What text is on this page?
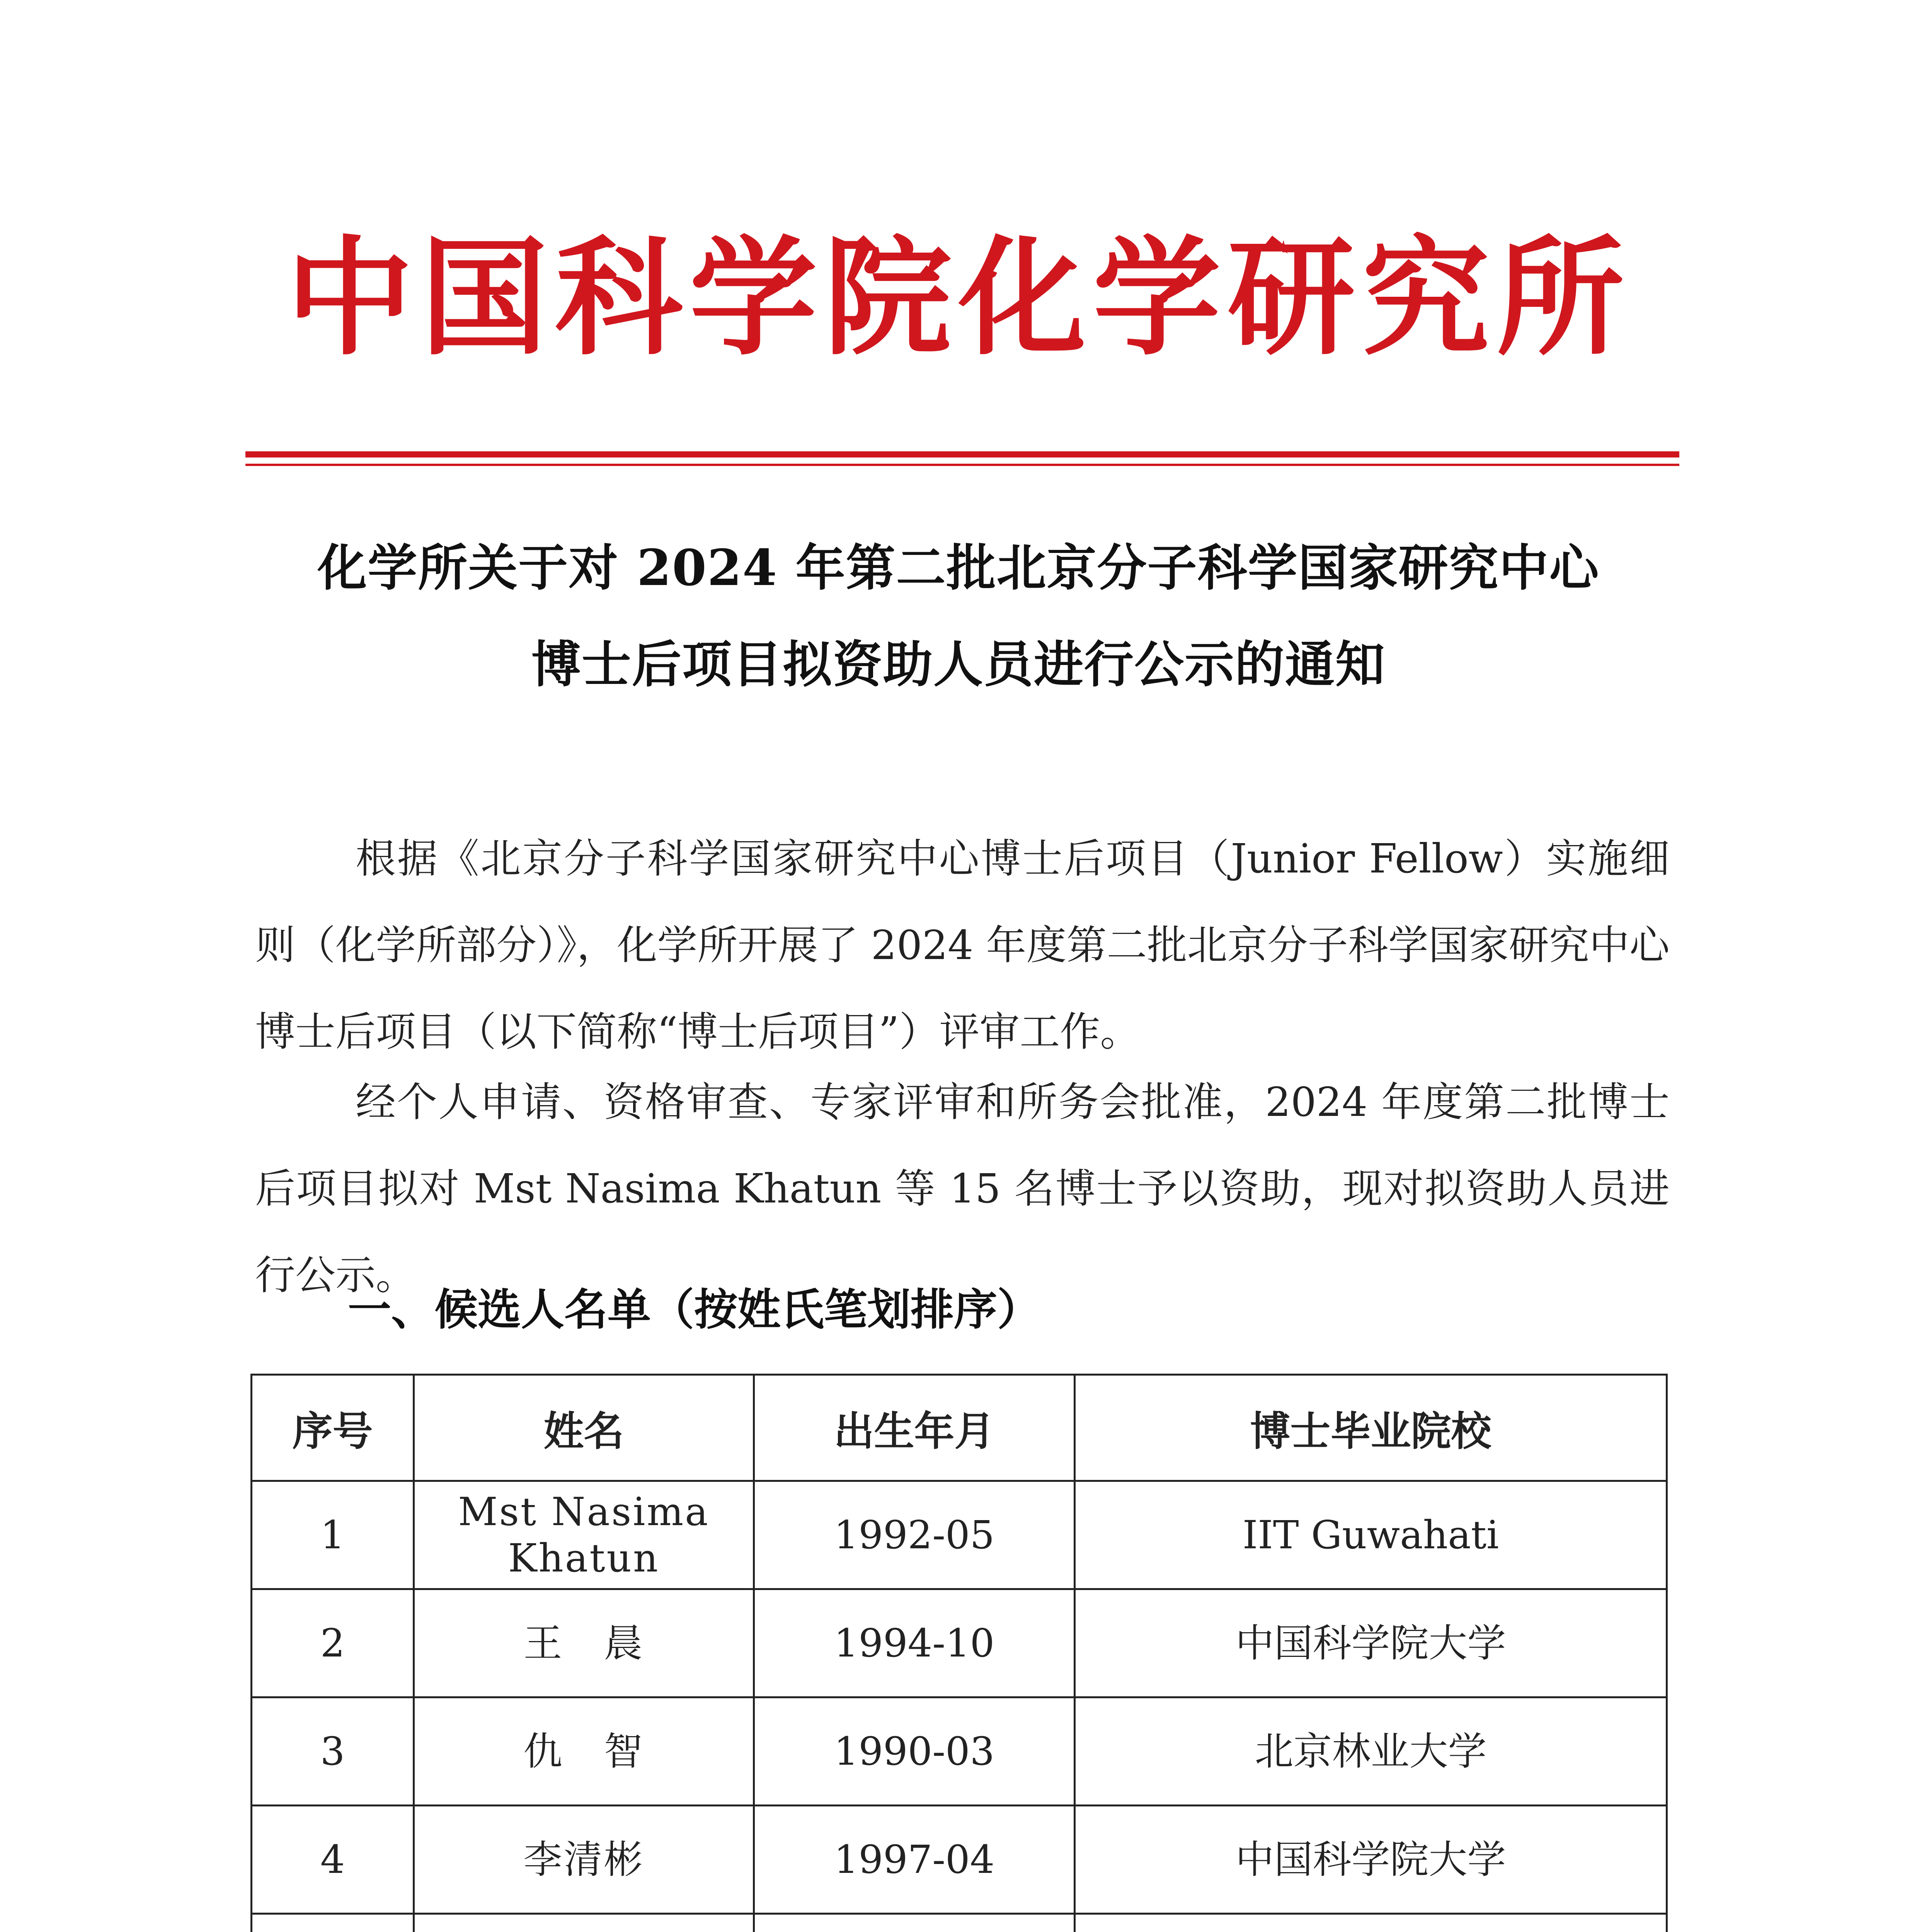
中国科学院化学研究所
化学所关于对 2024 年第二批北京分子科学国家研究中心
博士后项目拟资助人员进行公示的通知
根据《北京分子科学国家研究中心博士后项目（Junior Fellow）实施细则（化学所部分）》，化学所开展了 2024 年度第二批北京分子科学国家研究中心博士后项目（以下简称“博士后项目”）评审工作。
经个人申请、资格审查、专家评审和所务会批准，2024 年度第二批博士后项目拟对 Mst Nasima Khatun 等 15 名博士予以资助，现对拟资助人员进行公示。
一、候选人名单（按姓氏笔划排序）
序号	姓名	出生年月	博士毕业院校
1	Mst Nasima Khatun	1992-05	IIT Guwahati
2	王　晨	1994-10	中国科学院大学
3	仇　智	1990-03	北京林业大学
4	李清彬	1997-04	中国科学院大学
